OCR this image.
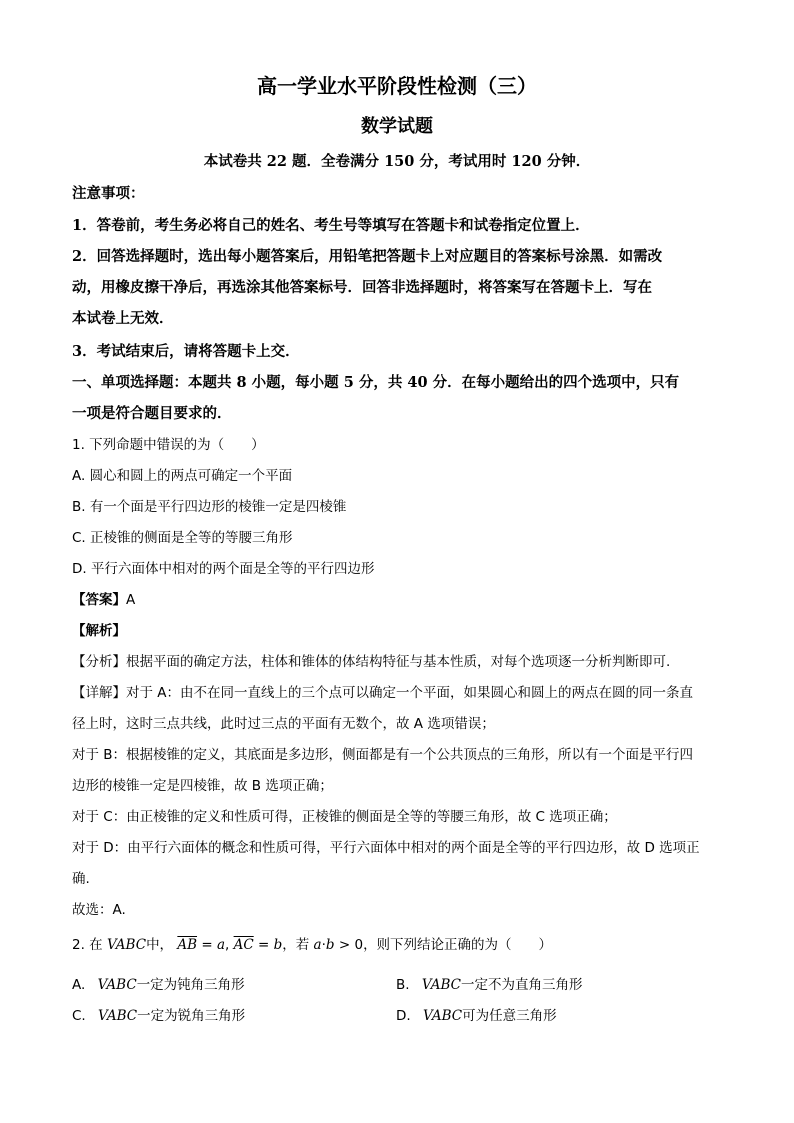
高一学业水平阶段性检测（三）
数学试题
本试卷共 22 题．全卷满分 150 分，考试用时 120 分钟．
注意事项：
1．答卷前，考生务必将自己的姓名、考生号等填写在答题卡和试卷指定位置上．
2．回答选择题时，选出每小题答案后，用铅笔把答题卡上对应题目的答案标号涂黑．如需改
动，用橡皮擦干净后，再选涂其他答案标号．回答非选择题时，将答案写在答题卡上．写在
本试卷上无效．
3．考试结束后，请将答题卡上交．
一、单项选择题：本题共 8 小题，每小题 5 分，共 40 分．在每小题给出的四个选项中，只有
一项是符合题目要求的．
1. 下列命题中错误的为（　　）
A. 圆心和圆上的两点可确定一个平面
B. 有一个面是平行四边形的棱锥一定是四棱锥
C. 正棱锥的侧面是全等的等腰三角形
D. 平行六面体中相对的两个面是全等的平行四边形
【答案】A
【解析】
【分析】根据平面的确定方法，柱体和锥体的体结构特征与基本性质，对每个选项逐一分析判断即可.
【详解】对于 A：由不在同一直线上的三个点可以确定一个平面，如果圆心和圆上的两点在圆的同一条直
径上时，这时三点共线，此时过三点的平面有无数个，故 A 选项错误；
对于 B：根据棱锥的定义，其底面是多边形，侧面都是有一个公共顶点的三角形，所以有一个面是平行四
边形的棱锥一定是四棱锥，故 B 选项正确；
对于 C：由正棱锥的定义和性质可得，正棱锥的侧面是全等的等腰三角形，故 C 选项正确；
对于 D：由平行六面体的概念和性质可得，平行六面体中相对的两个面是全等的平行四边形，故 D 选项正
确.
故选：A.
2. 在 VABC中， $\overline{AB} = a$, $\overline{AC} = b$，若 a·b > 0，则下列结论正确的为（　　）
A. VABC一定为钝角三角形	B. VABC一定不为直角三角形
C. VABC一定为锐角三角形	D. VABC可为任意三角形
